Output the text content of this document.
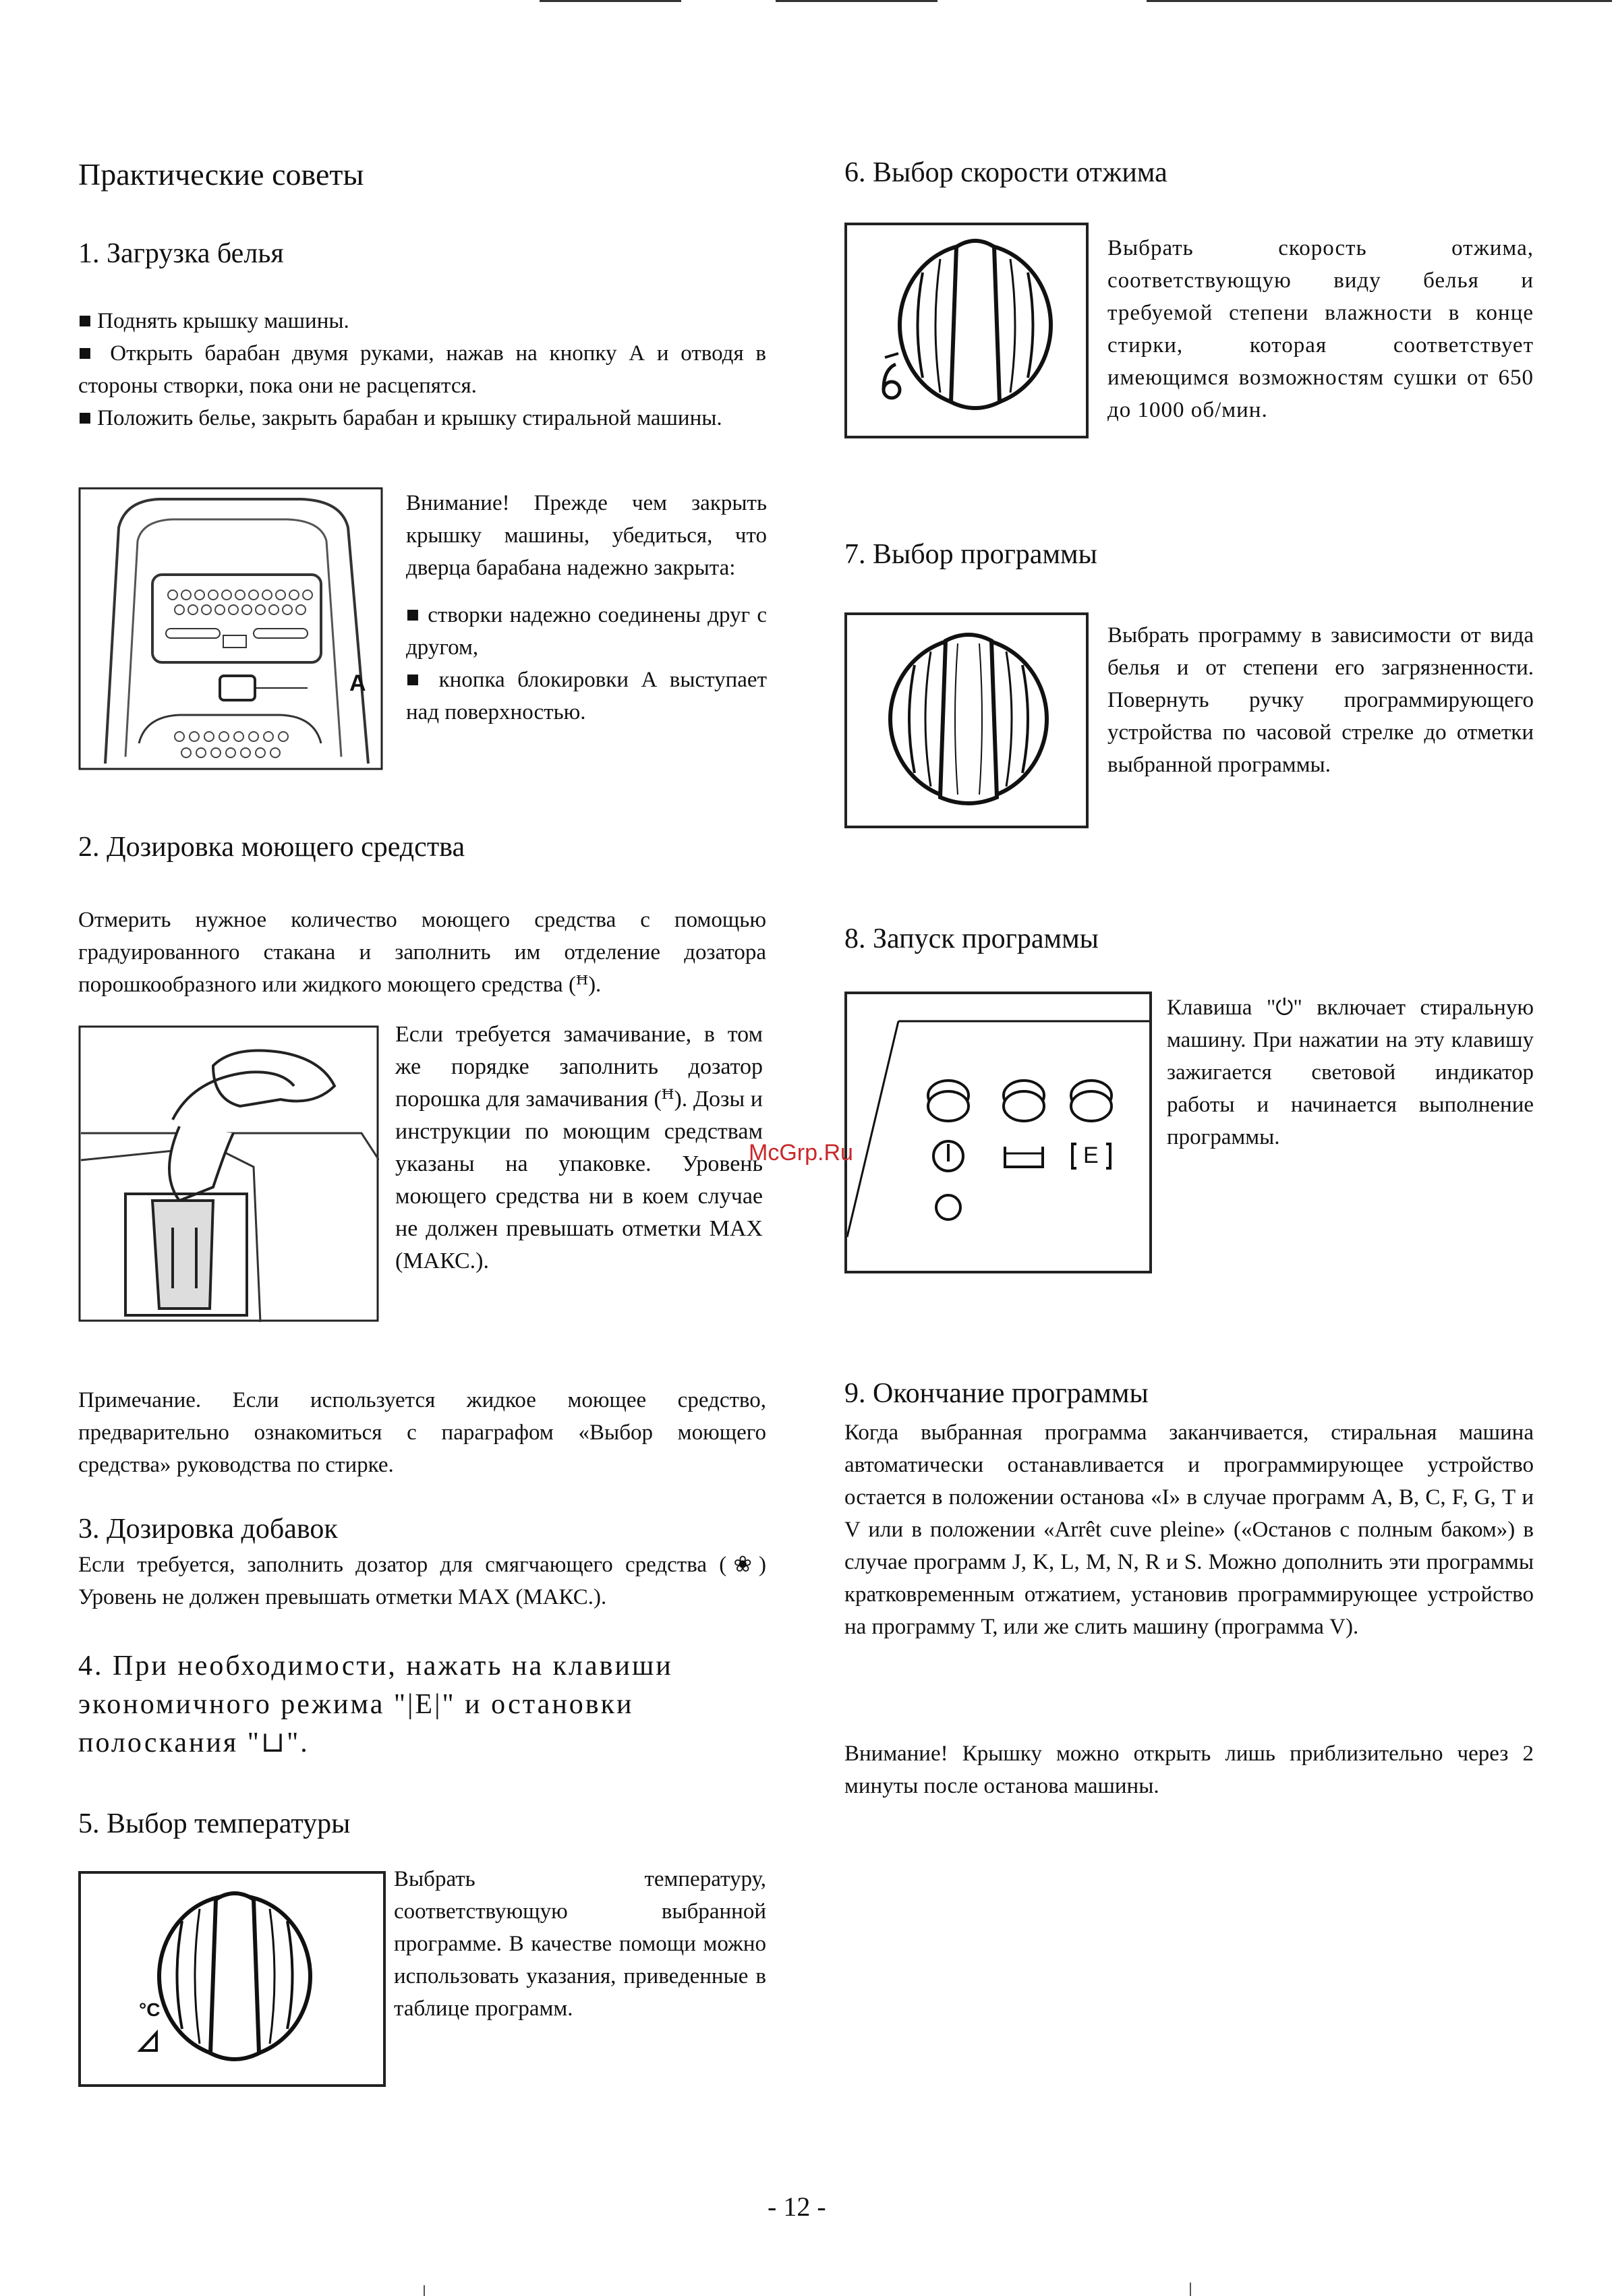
Практические советы
1. Загрузка белья
■ Поднять крышку машины.
■ Открыть барабан двумя руками, нажав на кнопку А и отводя в стороны створки, пока они не расцепятся.
■ Положить белье, закрыть барабан и крышку стиральной машины.
A
Внимание! Прежде чем закрыть крышку машины, убедиться, что дверца барабана надежно закрыта:
■ створки надежно соединены друг с другом,
■ кнопка блокировки А выступает над поверхностью.
2. Дозировка моющего средства
Отмерить нужное количество моющего средства с помощью градуированного стакана и заполнить им отделение дозатора порошкообразного или жидкого моющего средства (ꟸ).
Если требуется замачивание, в том же порядке заполнить дозатор порошка для замачивания (ꟸ). Дозы и инструкции по моющим средствам указаны на упаковке. Уровень моющего средства ни в коем случае не должен превышать отметки MAX (МАКС.).
Примечание. Если используется жидкое моющее средство, предварительно ознакомиться с параграфом «Выбор моющего средства» руководства по стирке.
3. Дозировка добавок
Если требуется, заполнить дозатор для смягчающего средства (❀) Уровень не должен превышать отметки MAX (МАКС.).
4. При необходимости, нажать на клавиши
экономичного режима "|E|" и остановки
полоскания "⊔".
5. Выбор температуры
°C
Выбрать температуру, соответствующую выбранной программе. В качестве помощи можно использовать указания, приведенные в таблице программ.
6. Выбор скорости отжима
Выбрать скорость отжима, соответствующую виду белья и требуемой степени влажности в конце стирки, которая соответствует имеющимся возможностям сушки от 650 до 1000 об/мин.
7. Выбор программы
Выбрать программу в зависимости от вида белья и от степени его загрязненности. Повернуть ручку программирующего устройства по часовой стрелке до отметки выбранной программы.
8. Запуск программы
E
Клавиша "⏻" включает стиральную машину. При нажатии на эту клавишу зажигается световой индикатор работы и начинается выполнение программы.
McGrp.Ru
9. Окончание программы
Когда выбранная программа заканчивается, стиральная машина автоматически останавливается и программирующее устройство остается в положении останова «I» в случае программ А, В, С, F, G, Т и V или в положении «Arrêt cuve pleine» («Останов с полным баком») в случае программ J, K, L, M, N, R и S. Можно дополнить эти программы кратковременным отжатием, установив программирующее устройство на программу Т, или же слить машину (программа V).
Внимание! Крышку можно открыть лишь приблизительно через 2 минуты после останова машины.
- 12 -
